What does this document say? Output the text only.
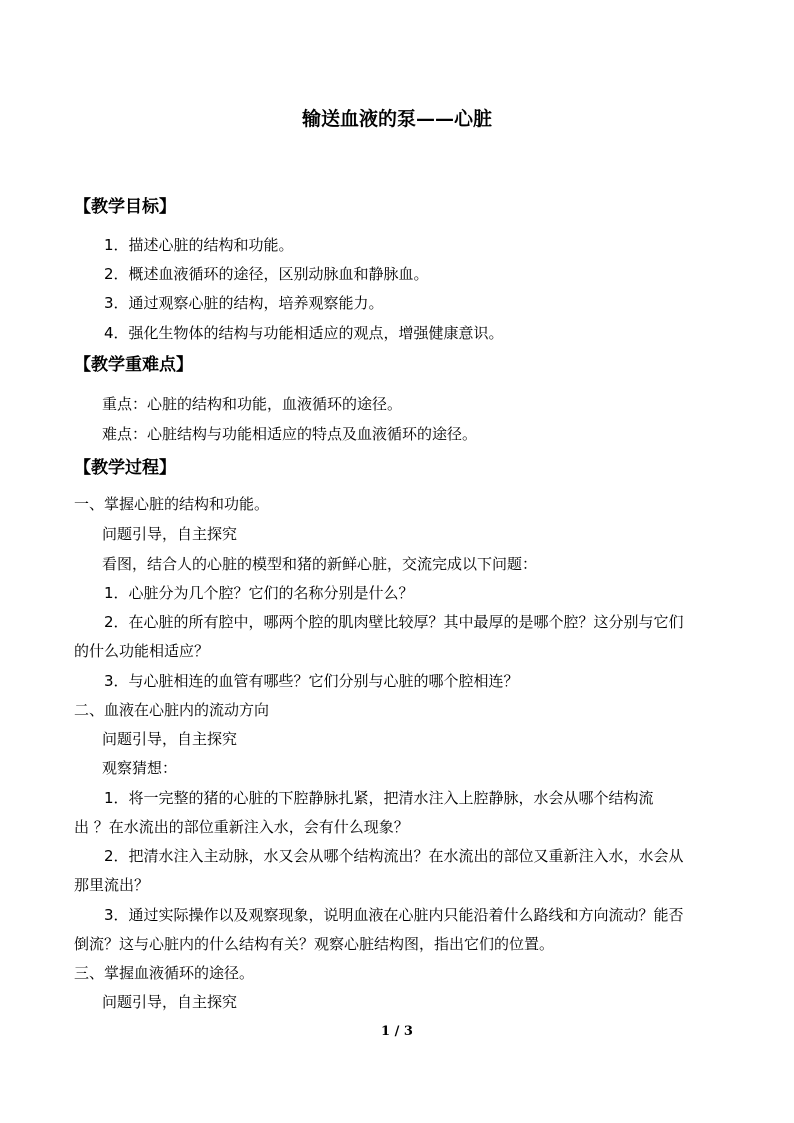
输送血液的泵——心脏
【教学目标】
1．描述心脏的结构和功能。
2．概述血液循环的途径，区别动脉血和静脉血。
3．通过观察心脏的结构，培养观察能力。
4．强化生物体的结构与功能相适应的观点，增强健康意识。
【教学重难点】
重点：心脏的结构和功能，血液循环的途径。
难点：心脏结构与功能相适应的特点及血液循环的途径。
【教学过程】
一、掌握心脏的结构和功能。
问题引导，自主探究
看图，结合人的心脏的模型和猪的新鲜心脏，交流完成以下问题：
1．心脏分为几个腔？它们的名称分别是什么？
2．在心脏的所有腔中，哪两个腔的肌肉壁比较厚？其中最厚的是哪个腔？这分别与它们
的什么功能相适应？
3．与心脏相连的血管有哪些？它们分别与心脏的哪个腔相连？
二、血液在心脏内的流动方向
问题引导，自主探究
观察猜想：
1．将一完整的猪的心脏的下腔静脉扎紧，把清水注入上腔静脉，水会从哪个结构流
出 ？在水流出的部位重新注入水，会有什么现象？
2．把清水注入主动脉，水又会从哪个结构流出？在水流出的部位又重新注入水，水会从
那里流出？
3．通过实际操作以及观察现象，说明血液在心脏内只能沿着什么路线和方向流动？能否
倒流？这与心脏内的什么结构有关？观察心脏结构图，指出它们的位置。
三、掌握血液循环的途径。
问题引导，自主探究
1 / 3
